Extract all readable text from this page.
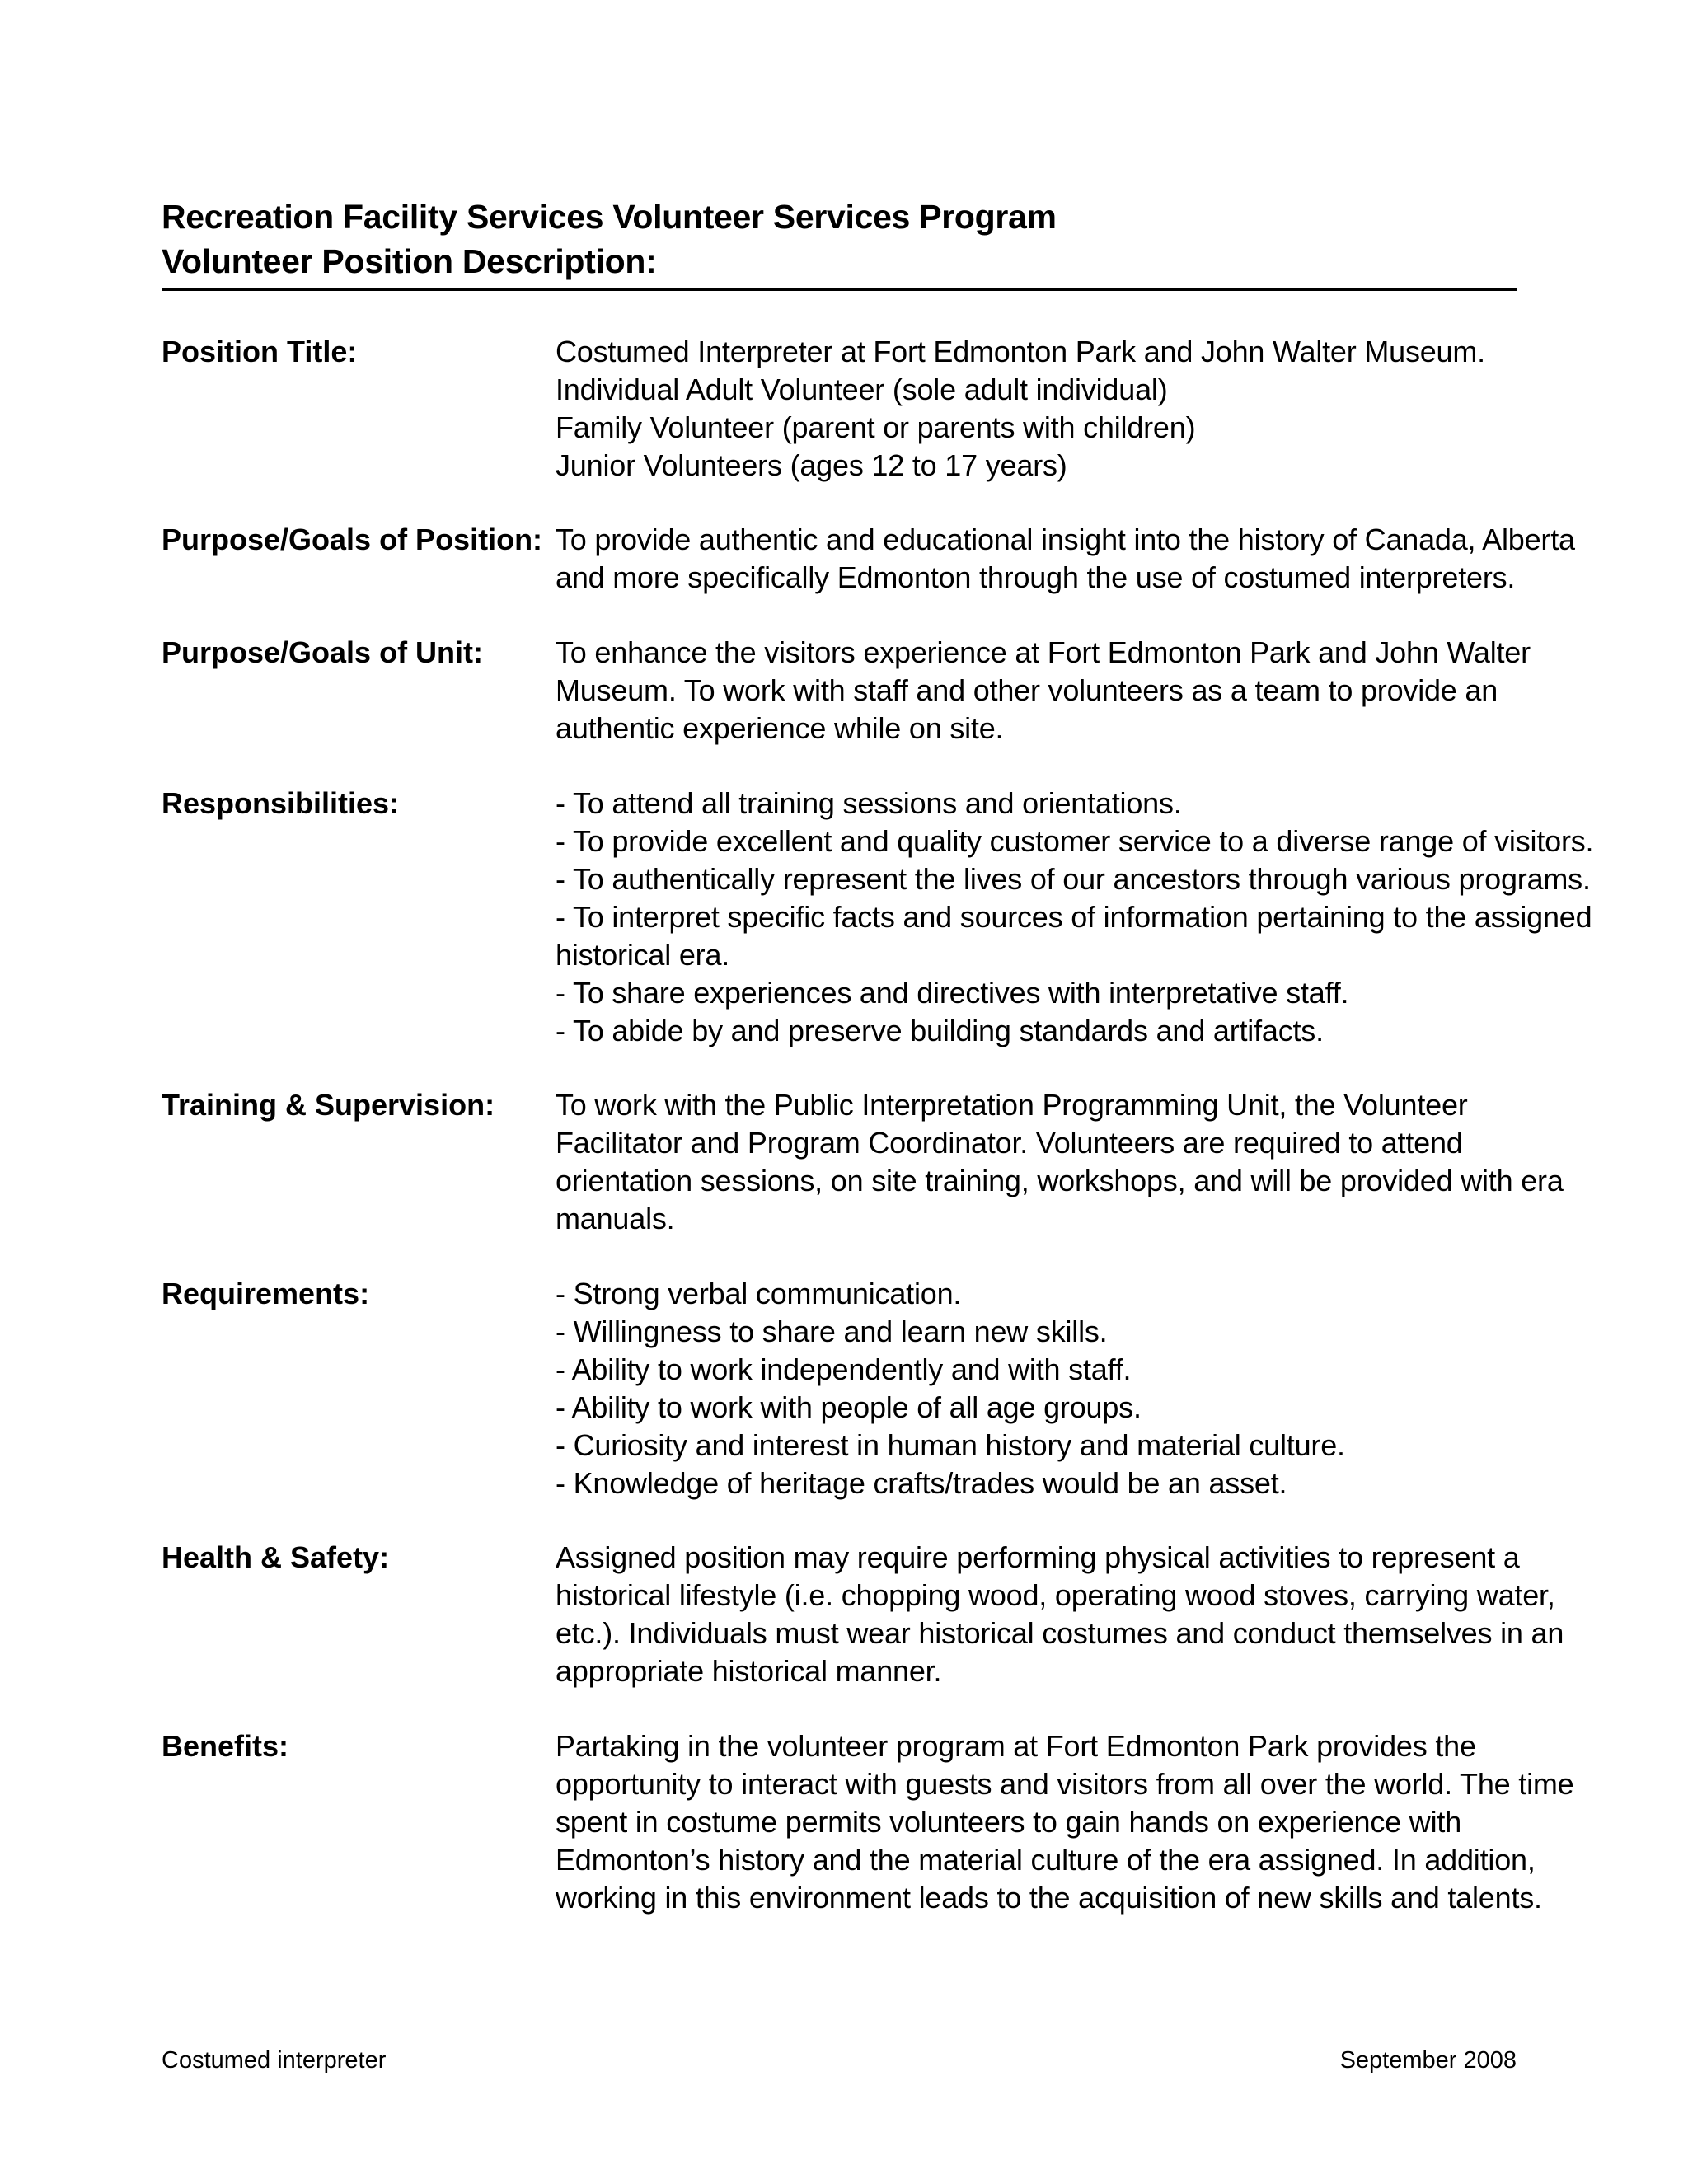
Recreation Facility Services Volunteer Services Program
Volunteer Position Description:
Position Title:	Costumed Interpreter at Fort Edmonton Park and John Walter Museum.
Individual Adult Volunteer (sole adult individual)
Family Volunteer (parent or parents with children)
Junior Volunteers (ages 12 to 17 years)
Purpose/Goals of Position: To provide authentic and educational insight into the history of Canada, Alberta
and more specifically Edmonton through the use of costumed interpreters.
Purpose/Goals of Unit:	To enhance the visitors experience at Fort Edmonton Park and John Walter
Museum. To work with staff and other volunteers as a team to provide an
authentic experience while on site.
Responsibilities:	- To attend all training sessions and orientations.
- To provide excellent and quality customer service to a diverse range of visitors.
- To authentically represent the lives of our ancestors through various programs.
- To interpret specific facts and sources of information pertaining to the assigned
historical era.
- To share experiences and directives with interpretative staff.
- To abide by and preserve building standards and artifacts.
Training & Supervision:	To work with the Public Interpretation Programming Unit, the Volunteer
Facilitator and Program Coordinator. Volunteers are required to attend
orientation sessions, on site training, workshops, and will be provided with era
manuals.
Requirements:	- Strong verbal communication.
- Willingness to share and learn new skills.
- Ability to work independently and with staff.
- Ability to work with people of all age groups.
- Curiosity and interest in human history and material culture.
- Knowledge of heritage crafts/trades would be an asset.
Health & Safety:	Assigned position may require performing physical activities to represent a
historical lifestyle (i.e. chopping wood, operating wood stoves, carrying water,
etc.). Individuals must wear historical costumes and conduct themselves in an
appropriate historical manner.
Benefits:	Partaking in the volunteer program at Fort Edmonton Park provides the
opportunity to interact with guests and visitors from all over the world. The time
spent in costume permits volunteers to gain hands on experience with
Edmonton’s history and the material culture of the era assigned. In addition,
working in this environment leads to the acquisition of new skills and talents.
Costumed interpreter	September 2008
